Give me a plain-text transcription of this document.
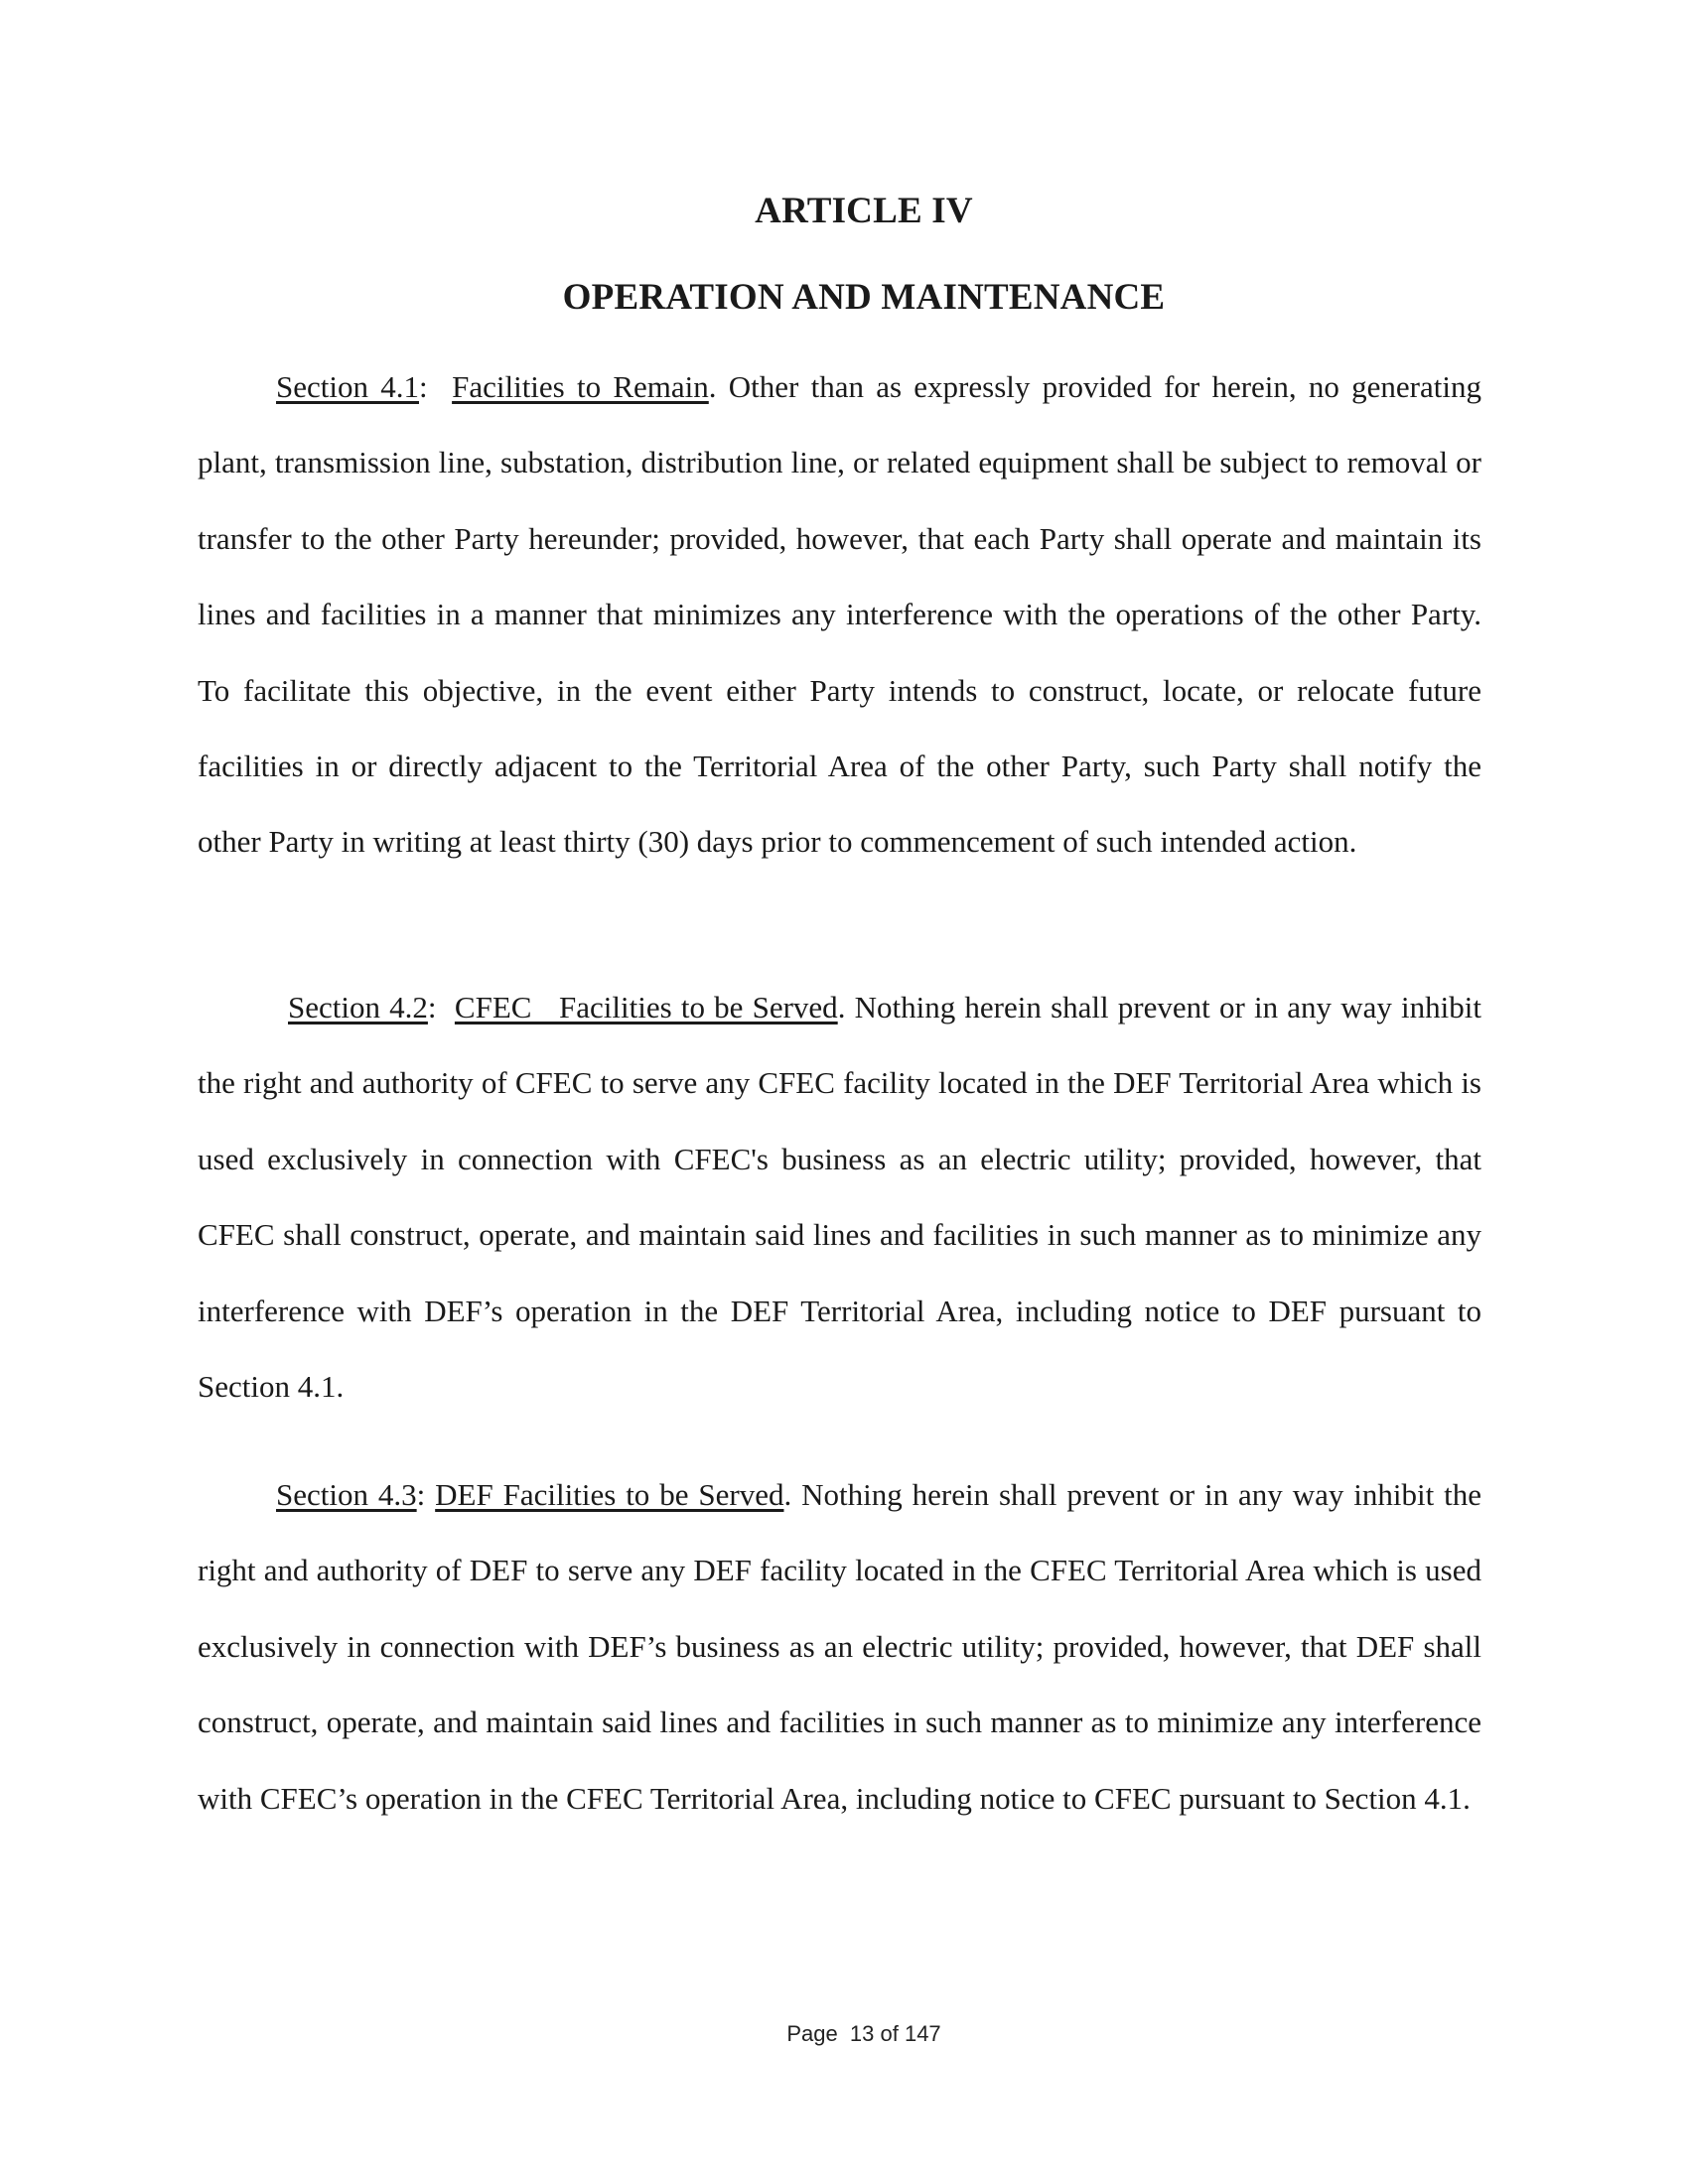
ARTICLE IV
OPERATION AND MAINTENANCE

Section 4.1:  Facilities to Remain. Other than as expressly provided for herein, no generating plant, transmission line, substation, distribution line, or related equipment shall be subject to removal or transfer to the other Party hereunder; provided, however, that each Party shall operate and maintain its lines and facilities in a manner that minimizes any interference with the operations of the other Party. To facilitate this objective, in the event either Party intends to construct, locate, or relocate future facilities in or directly adjacent to the Territorial Area of the other Party, such Party shall notify the other Party in writing at least thirty (30) days prior to commencement of such intended action.

Section 4.2:  CFEC   Facilities to be Served. Nothing herein shall prevent or in any way inhibit the right and authority of CFEC to serve any CFEC facility located in the DEF Territorial Area which is used exclusively in connection with CFEC's business as an electric utility; provided, however, that CFEC shall construct, operate, and maintain said lines and facilities in such manner as to minimize any interference with DEF’s operation in the DEF Territorial Area, including notice to DEF pursuant to Section 4.1.

Section 4.3: DEF Facilities to be Served. Nothing herein shall prevent or in any way inhibit the right and authority of DEF to serve any DEF facility located in the CFEC Territorial Area which is used exclusively in connection with DEF’s business as an electric utility; provided, however, that DEF shall construct, operate, and maintain said lines and facilities in such manner as to minimize any interference with CFEC’s operation in the CFEC Territorial Area, including notice to CFEC pursuant to Section 4.1.

Page  13 of 147
